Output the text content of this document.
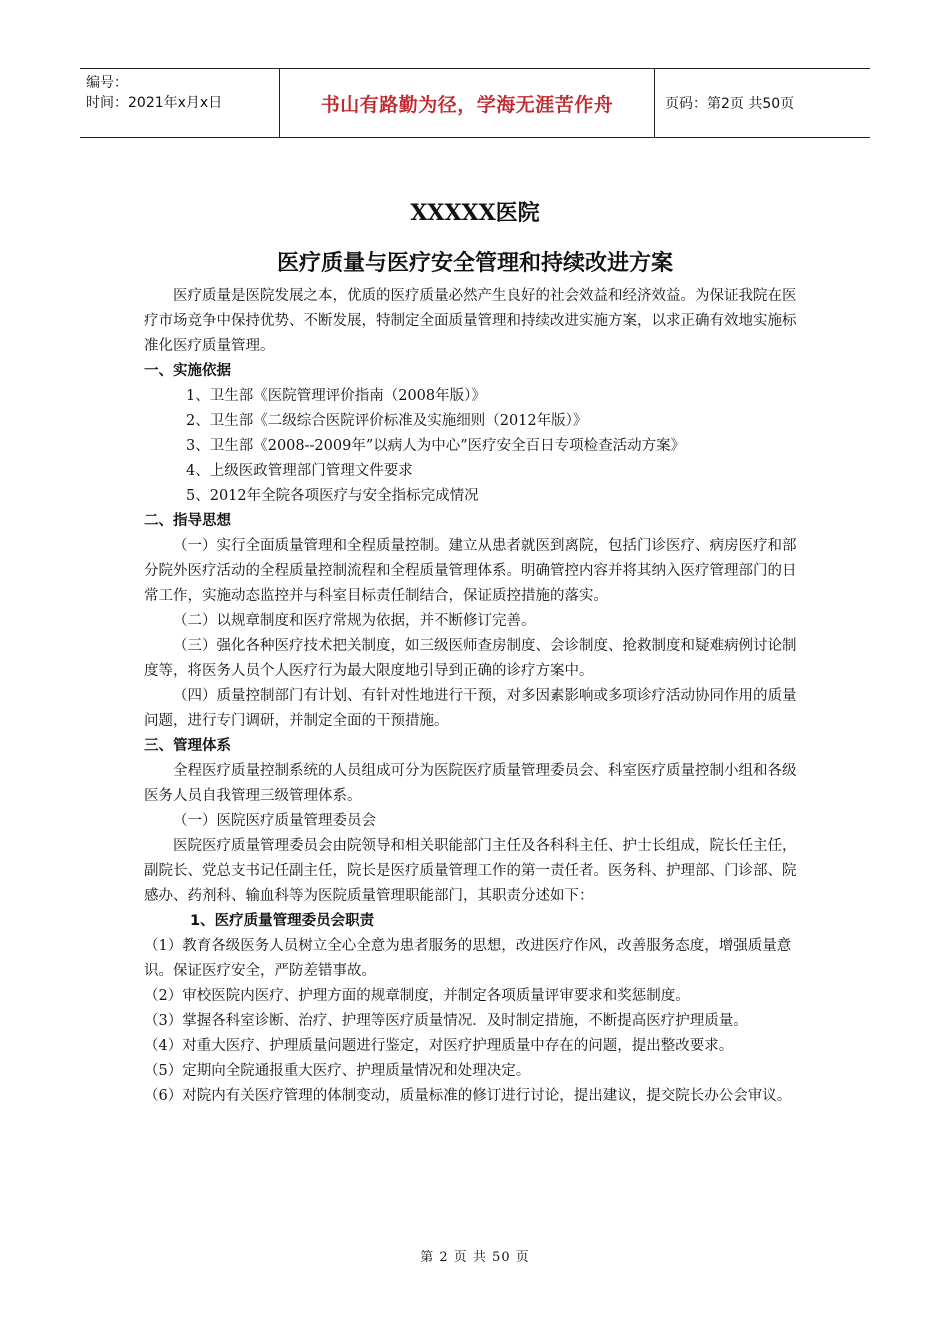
编号：
时间：2021年x月x日	书山有路勤为径，学海无涯苦作舟	页码：第2页 共50页
XXXXX医院
医疗质量与医疗安全管理和持续改进方案

医疗质量是医院发展之本，优质的医疗质量必然产生良好的社会效益和经济效益。为保证我院在医疗市场竞争中保持优势、不断发展，特制定全面质量管理和持续改进实施方案，以求正确有效地实施标准化医疗质量管理。

一、实施依据

1、卫生部《医院管理评价指南（2008年版）》

2、卫生部《二级综合医院评价标准及实施细则（2012年版）》

3、卫生部《2008--2009年”以病人为中心”医疗安全百日专项检查活动方案》

4、上级医政管理部门管理文件要求

5、2012年全院各项医疗与安全指标完成情况

二、指导思想

（一）实行全面质量管理和全程质量控制。建立从患者就医到离院，包括门诊医疗、病房医疗和部分院外医疗活动的全程质量控制流程和全程质量管理体系。明确管控内容并将其纳入医疗管理部门的日常工作，实施动态监控并与科室目标责任制结合，保证质控措施的落实。

（二）以规章制度和医疗常规为依据，并不断修订完善。

（三）强化各种医疗技术把关制度，如三级医师查房制度、会诊制度、抢救制度和疑难病例讨论制度等，将医务人员个人医疗行为最大限度地引导到正确的诊疗方案中。

（四）质量控制部门有计划、有针对性地进行干预，对多因素影响或多项诊疗活动协同作用的质量问题，进行专门调研，并制定全面的干预措施。

三、管理体系

全程医疗质量控制系统的人员组成可分为医院医疗质量管理委员会、科室医疗质量控制小组和各级医务人员自我管理三级管理体系。

（一）医院医疗质量管理委员会

医院医疗质量管理委员会由院领导和相关职能部门主任及各科科主任、护士长组成，院长任主任，副院长、党总支书记任副主任，院长是医疗质量管理工作的第一责任者。医务科、护理部、门诊部、院感办、药剂科、输血科等为医院质量管理职能部门，其职责分述如下：

1、医疗质量管理委员会职责

（1）教育各级医务人员树立全心全意为患者服务的思想，改进医疗作风，改善服务态度，增强质量意识。保证医疗安全，严防差错事故。

（2）审校医院内医疗、护理方面的规章制度，并制定各项质量评审要求和奖惩制度。

（3）掌握各科室诊断、治疗、护理等医疗质量情况．及时制定措施，不断提高医疗护理质量。

（4）对重大医疗、护理质量问题进行鉴定，对医疗护理质量中存在的问题，提出整改要求。

（5）定期向全院通报重大医疗、护理质量情况和处理决定。

（6）对院内有关医疗管理的体制变动，质量标准的修订进行讨论，提出建议，提交院长办公会审议。

第 2 页 共 50 页
